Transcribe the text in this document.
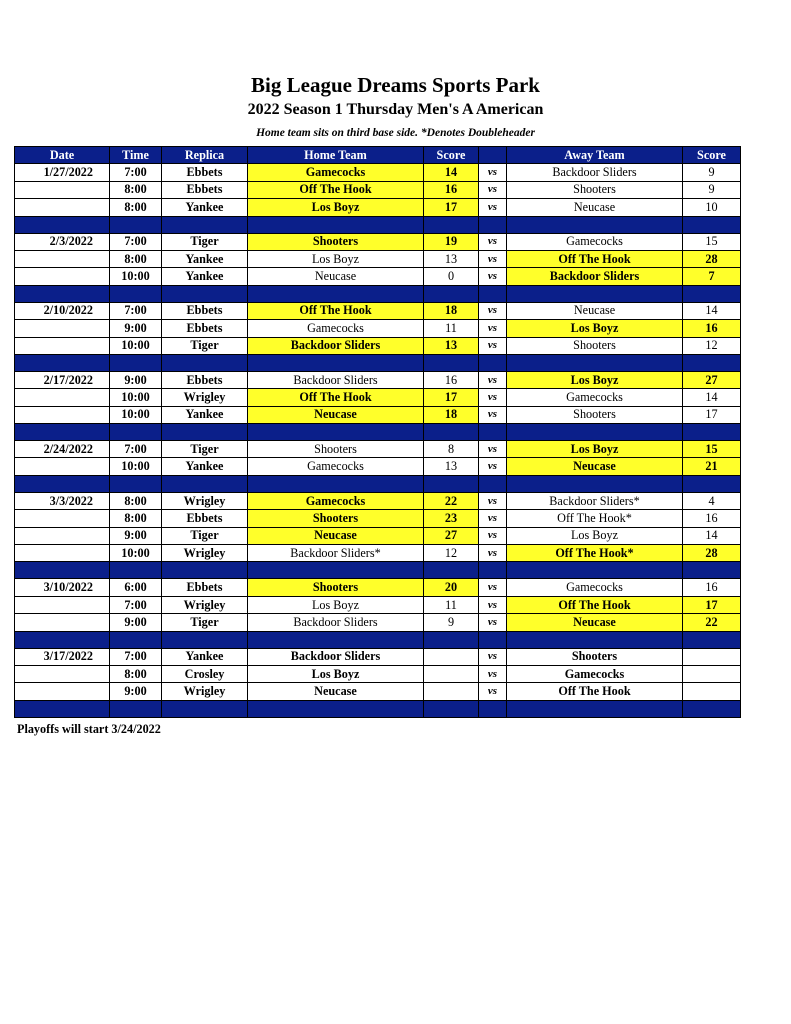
Big League Dreams Sports Park
2022 Season 1 Thursday Men's A American
Home team sits on third base side. *Denotes Doubleheader
Date	Time	Replica	Home Team	Score		Away Team	Score
1/27/2022	7:00	Ebbets	Gamecocks	14	vs	Backdoor Sliders	9
	8:00	Ebbets	Off The Hook	16	vs	Shooters	9
	8:00	Yankee	Los Boyz	17	vs	Neucase	10

2/3/2022	7:00	Tiger	Shooters	19	vs	Gamecocks	15
	8:00	Yankee	Los Boyz	13	vs	Off The Hook	28
	10:00	Yankee	Neucase	0	vs	Backdoor Sliders	7

2/10/2022	7:00	Ebbets	Off The Hook	18	vs	Neucase	14
	9:00	Ebbets	Gamecocks	11	vs	Los Boyz	16
	10:00	Tiger	Backdoor Sliders	13	vs	Shooters	12

2/17/2022	9:00	Ebbets	Backdoor Sliders	16	vs	Los Boyz	27
	10:00	Wrigley	Off The Hook	17	vs	Gamecocks	14
	10:00	Yankee	Neucase	18	vs	Shooters	17

2/24/2022	7:00	Tiger	Shooters	8	vs	Los Boyz	15
	10:00	Yankee	Gamecocks	13	vs	Neucase	21

3/3/2022	8:00	Wrigley	Gamecocks	22	vs	Backdoor Sliders*	4
	8:00	Ebbets	Shooters	23	vs	Off The Hook*	16
	9:00	Tiger	Neucase	27	vs	Los Boyz	14
	10:00	Wrigley	Backdoor Sliders*	12	vs	Off The Hook*	28

3/10/2022	6:00	Ebbets	Shooters	20	vs	Gamecocks	16
	7:00	Wrigley	Los Boyz	11	vs	Off The Hook	17
	9:00	Tiger	Backdoor Sliders	9	vs	Neucase	22

3/17/2022	7:00	Yankee	Backdoor Sliders		vs	Shooters	
	8:00	Crosley	Los Boyz		vs	Gamecocks	
	9:00	Wrigley	Neucase		vs	Off The Hook	

Playoffs will start 3/24/2022
